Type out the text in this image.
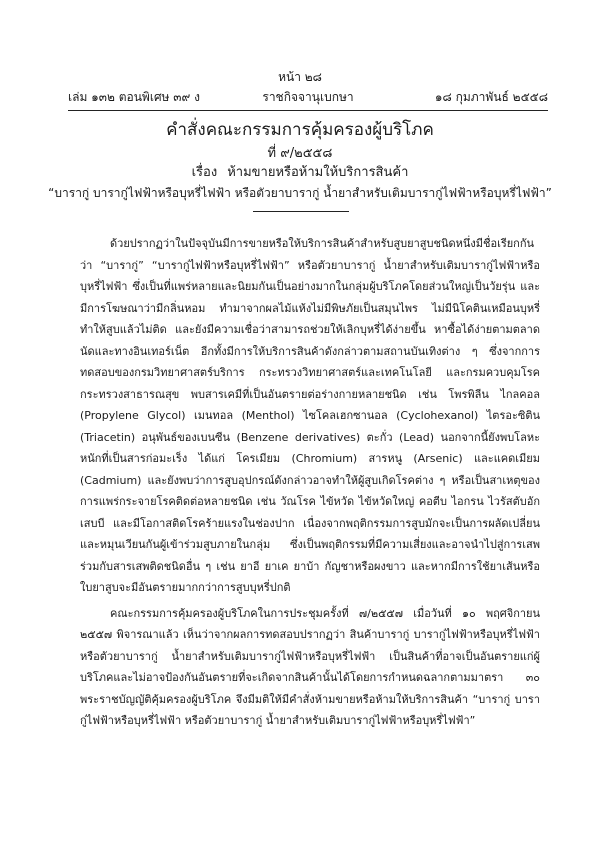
หน้า ๒๘
ราชกิจจานุเบกษา
เล่ม ๑๓๒ ตอนพิเศษ ๓๙ ง	๑๘ กุมภาพันธ์ ๒๕๕๘
คำสั่งคณะกรรมการคุ้มครองผู้บริโภค
ที่ ๙/๒๕๕๘
เรื่อง ห้ามขายหรือห้ามให้บริการสินค้า
“บารากู่ บารากู่ไฟฟ้าหรือบุหรี่ไฟฟ้า หรือตัวยาบารากู่ น้ำยาสำหรับเติมบารากู่ไฟฟ้าหรือบุหรี่ไฟฟ้า”

ด้วยปรากฏว่าในปัจจุบันมีการขายหรือให้บริการสินค้าสำหรับสูบยาสูบชนิดหนึ่งมีชื่อเรียกกันว่า “บารากู่” “บารากู่ไฟฟ้าหรือบุหรี่ไฟฟ้า” หรือตัวยาบารากู่ น้ำยาสำหรับเติมบารากู่ไฟฟ้าหรือบุหรี่ไฟฟ้า ซึ่งเป็นที่แพร่หลายและนิยมกันเป็นอย่างมากในกลุ่มผู้บริโภคโดยส่วนใหญ่เป็นวัยรุ่น และมีการโฆษณาว่ามีกลิ่นหอม ทำมาจากผลไม้แห้งไม่มีพิษภัยเป็นสมุนไพร ไม่มีนิโคตินเหมือนบุหรี่ทำให้สูบแล้วไม่ติด และยังมีความเชื่อว่าสามารถช่วยให้เลิกบุหรี่ได้ง่ายขึ้น หาซื้อได้ง่ายตามตลาดนัดและทางอินเทอร์เน็ต อีกทั้งมีการให้บริการสินค้าดังกล่าวตามสถานบันเทิงต่าง ๆ ซึ่งจากการทดสอบของกรมวิทยาศาสตร์บริการ กระทรวงวิทยาศาสตร์และเทคโนโลยี และกรมควบคุมโรค กระทรวงสาธารณสุข พบสารเคมีที่เป็นอันตรายต่อร่างกายหลายชนิด เช่น โพรพิลีน ไกลคอล (Propylene Glycol) เมนทอล (Menthol) ไซโคลเฮกซานอล (Cyclohexanol) ไตรอะซิติน (Triacetin) อนุพันธ์ของเบนซีน (Benzene derivatives) ตะกั่ว (Lead) นอกจากนี้ยังพบโลหะหนักที่เป็นสารก่อมะเร็ง ได้แก่ โครเมียม (Chromium) สารหนู (Arsenic) และแคดเมียม (Cadmium) และยังพบว่าการสูบอุปกรณ์ดังกล่าวอาจทำให้ผู้สูบเกิดโรคต่าง ๆ หรือเป็นสาเหตุของการแพร่กระจายโรคติดต่อหลายชนิด เช่น วัณโรค ไข้หวัด ไข้หวัดใหญ่ คอตีบ ไอกรน ไวรัสตับอักเสบบี และมีโอกาสติดโรคร้ายแรงในช่องปาก เนื่องจากพฤติกรรมการสูบมักจะเป็นการผลัดเปลี่ยนและหมุนเวียนกันผู้เข้าร่วมสูบภายในกลุ่ม ซึ่งเป็นพฤติกรรมที่มีความเสี่ยงและอาจนำไปสู่การเสพร่วมกับสารเสพติดชนิดอื่น ๆ เช่น ยาอี ยาเค ยาบ้า กัญชาหรือผงขาว และหากมีการใช้ยาเส้นหรือใบยาสูบจะมีอันตรายมากกว่าการสูบบุหรี่ปกติ

คณะกรรมการคุ้มครองผู้บริโภคในการประชุมครั้งที่ ๗/๒๕๕๗ เมื่อวันที่ ๑๐ พฤศจิกายน ๒๕๕๗ พิจารณาแล้ว เห็นว่าจากผลการทดสอบปรากฏว่า สินค้าบารากู่ บารากู่ไฟฟ้าหรือบุหรี่ไฟฟ้า หรือตัวยาบารากู่ น้ำยาสำหรับเติมบารากู่ไฟฟ้าหรือบุหรี่ไฟฟ้า เป็นสินค้าที่อาจเป็นอันตรายแก่ผู้บริโภคและไม่อาจป้องกันอันตรายที่จะเกิดจากสินค้านั้นได้โดยการกำหนดฉลากตามมาตรา ๓๐ พระราชบัญญัติคุ้มครองผู้บริโภค จึงมีมติให้มีคำสั่งห้ามขายหรือห้ามให้บริการสินค้า “บารากู่ บารากู่ไฟฟ้าหรือบุหรี่ไฟฟ้า หรือตัวยาบารากู่ น้ำยาสำหรับเติมบารากู่ไฟฟ้าหรือบุหรี่ไฟฟ้า”
